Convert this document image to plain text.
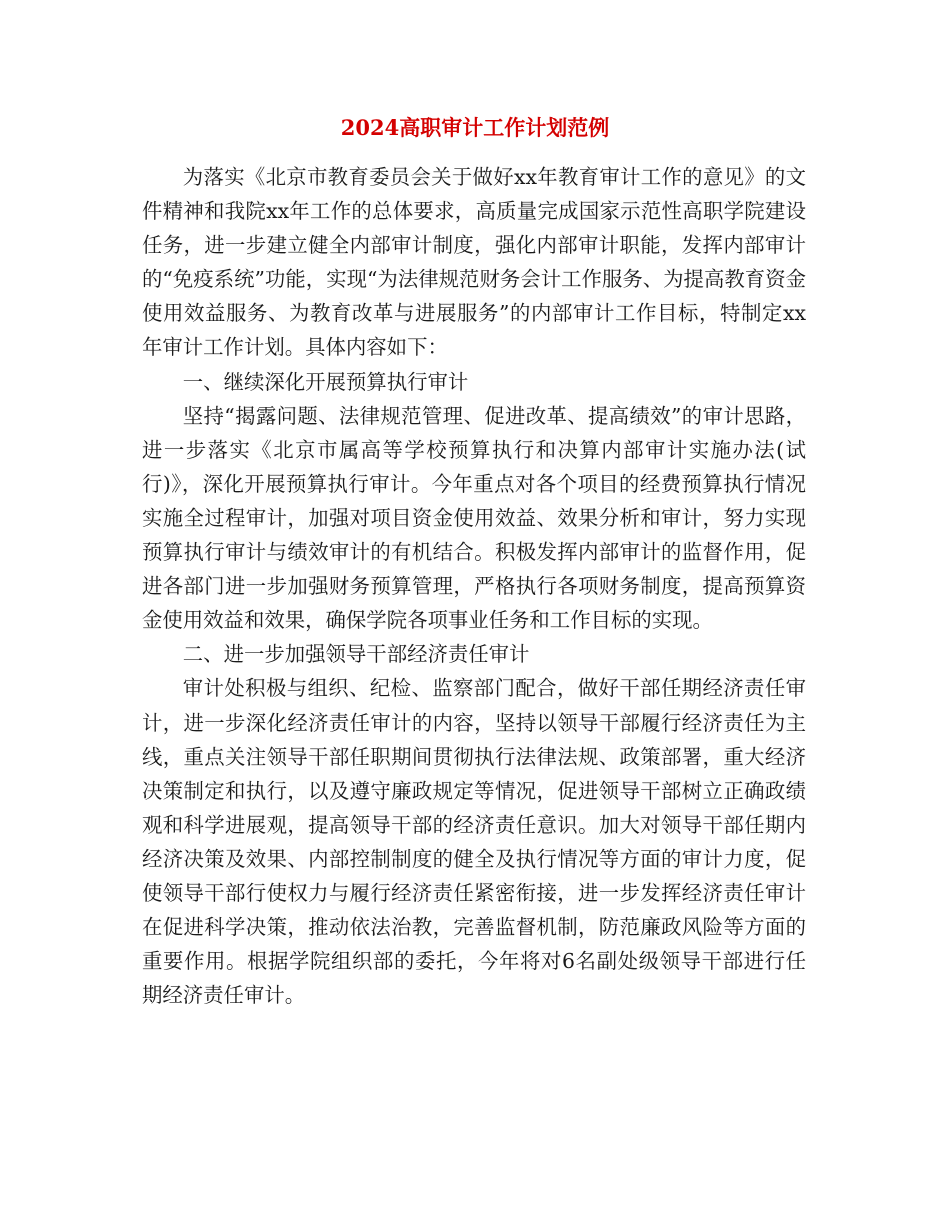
2024高职审计工作计划范例

为落实《北京市教育委员会关于做好xx年教育审计工作的意见》的文件精神和我院xx年工作的总体要求，高质量完成国家示范性高职学院建设任务，进一步建立健全内部审计制度，强化内部审计职能，发挥内部审计的“免疫系统”功能，实现“为法律规范财务会计工作服务、为提高教育资金使用效益服务、为教育改革与进展服务”的内部审计工作目标，特制定xx年审计工作计划。具体内容如下：

一、继续深化开展预算执行审计

坚持“揭露问题、法律规范管理、促进改革、提高绩效”的审计思路，进一步落实《北京市属高等学校预算执行和决算内部审计实施办法(试行)》，深化开展预算执行审计。今年重点对各个项目的经费预算执行情况实施全过程审计，加强对项目资金使用效益、效果分析和审计，努力实现预算执行审计与绩效审计的有机结合。积极发挥内部审计的监督作用，促进各部门进一步加强财务预算管理，严格执行各项财务制度，提高预算资金使用效益和效果，确保学院各项事业任务和工作目标的实现。

二、进一步加强领导干部经济责任审计

审计处积极与组织、纪检、监察部门配合，做好干部任期经济责任审计，进一步深化经济责任审计的内容，坚持以领导干部履行经济责任为主线，重点关注领导干部任职期间贯彻执行法律法规、政策部署，重大经济决策制定和执行，以及遵守廉政规定等情况，促进领导干部树立正确政绩观和科学进展观，提高领导干部的经济责任意识。加大对领导干部任期内经济决策及效果、内部控制制度的健全及执行情况等方面的审计力度，促使领导干部行使权力与履行经济责任紧密衔接，进一步发挥经济责任审计在促进科学决策，推动依法治教，完善监督机制，防范廉政风险等方面的重要作用。根据学院组织部的委托，今年将对6名副处级领导干部进行任期经济责任审计。
